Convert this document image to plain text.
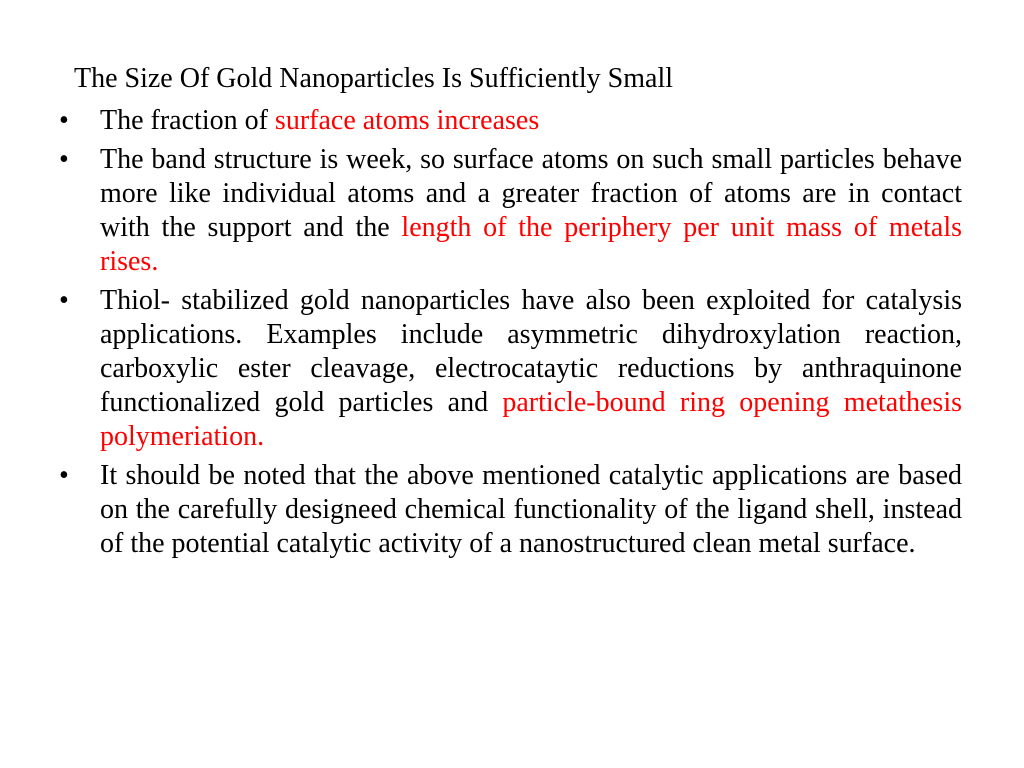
The Size Of Gold Nanoparticles Is Sufficiently Small
• The fraction of surface atoms increases
• The band structure is week, so surface atoms on such small particles behave more like individual atoms and a greater fraction of atoms are in contact with the support and the length of the periphery per unit mass of metals rises.
• Thiol- stabilized gold nanoparticles have also been exploited for catalysis applications. Examples include asymmetric dihydroxylation reaction, carboxylic ester cleavage, electrocataytic reductions by anthraquinone functionalized gold particles and particle-bound ring opening metathesis polymeriation.
• It should be noted that the above mentioned catalytic applications are based on the carefully designeed chemical functionality of the ligand shell, instead of the potential catalytic activity of a nanostructured clean metal surface.
